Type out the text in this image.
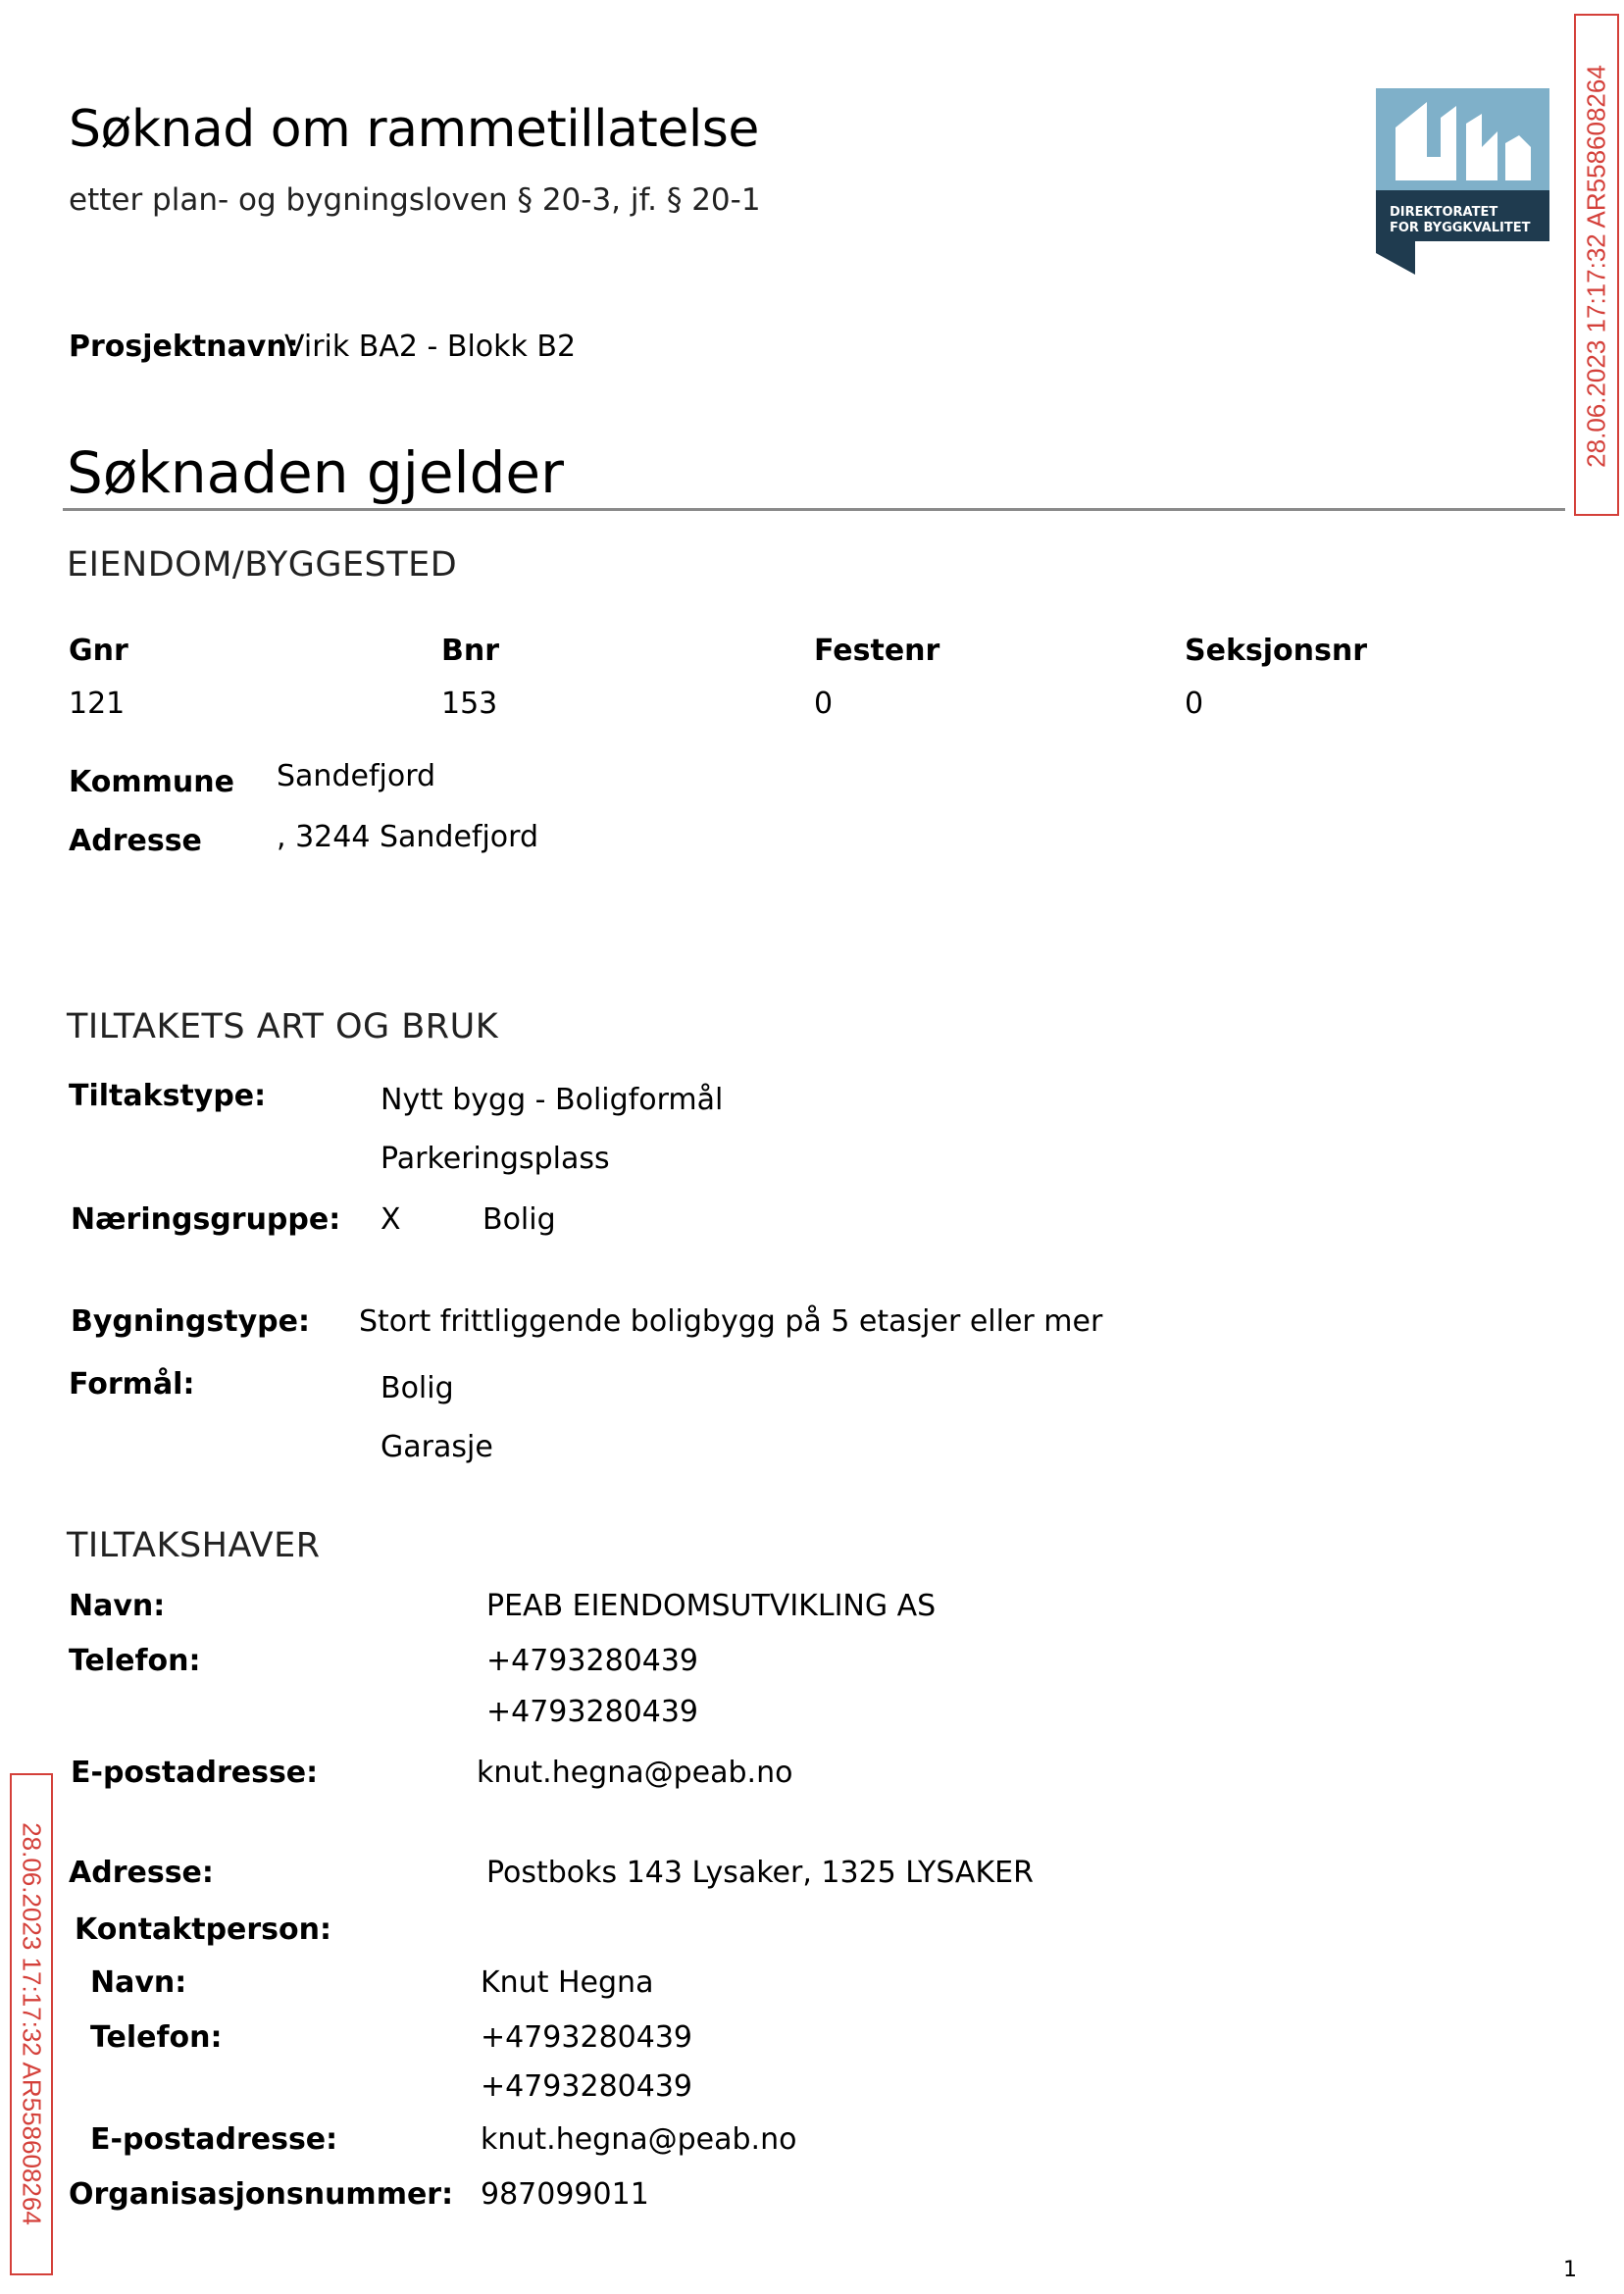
Søknad om rammetillatelse
etter plan- og bygningsloven § 20-3, jf. § 20-1	DIREKTORATET
FOR BYGGKVALITET 28.06.2023 17:17:32 AR558608264
28.06.2023 17:17:32 AR558608264
Prosjektnavn:
Virik BA2 - Blokk B2
Søknaden gjelder
EIENDOM/BYGGESTED
Gnr	Bnr	Festenr	Seksjonsnr
121	153	0	0
Kommune Sandefjord
Adresse	, 3244 Sandefjord
TILTAKETS ART OG BRUK
Tiltakstype:	Nytt bygg - Boligformål
Parkeringsplass
Næringsgruppe: X	Bolig
Bygningstype: Stort frittliggende boligbygg på 5 etasjer eller mer
Formål:	Bolig
Garasje
TILTAKSHAVER
Navn:	PEAB EIENDOMSUTVIKLING AS
Telefon:	+4793280439
+4793280439
E-postadresse:	knut.hegna@peab.no
Adresse:	Postboks 143 Lysaker, 1325 LYSAKER
Kontaktperson:
Navn:	Knut Hegna
Telefon:	+4793280439
+4793280439
E-postadresse:	knut.hegna@peab.no
Organisasjonsnummer: 987099011
1
